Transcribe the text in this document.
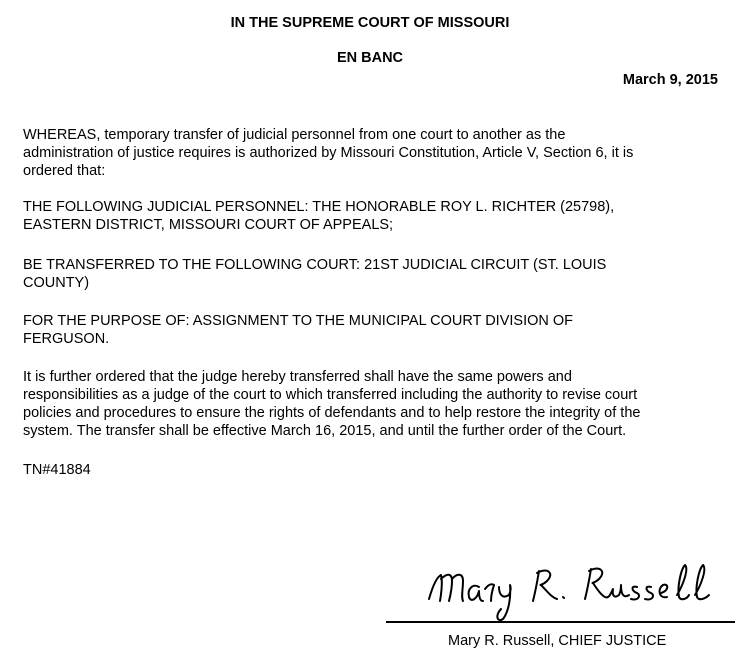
IN THE SUPREME COURT OF MISSOURI
EN BANC
March 9, 2015

WHEREAS, temporary transfer of judicial personnel from one court to another as the
administration of justice requires is authorized by Missouri Constitution, Article V, Section 6, it is
ordered that:

THE FOLLOWING JUDICIAL PERSONNEL: THE HONORABLE ROY L. RICHTER (25798),
EASTERN DISTRICT, MISSOURI COURT OF APPEALS;

BE TRANSFERRED TO THE FOLLOWING COURT: 21ST JUDICIAL CIRCUIT (ST. LOUIS
COUNTY)

FOR THE PURPOSE OF: ASSIGNMENT TO THE MUNICIPAL COURT DIVISION OF
FERGUSON.

It is further ordered that the judge hereby transferred shall have the same powers and
responsibilities as a judge of the court to which transferred including the authority to revise court
policies and procedures to ensure the rights of defendants and to help restore the integrity of the
system. The transfer shall be effective March 16, 2015, and until the further order of the Court.

TN#41884

Mary R. Russell, CHIEF JUSTICE
